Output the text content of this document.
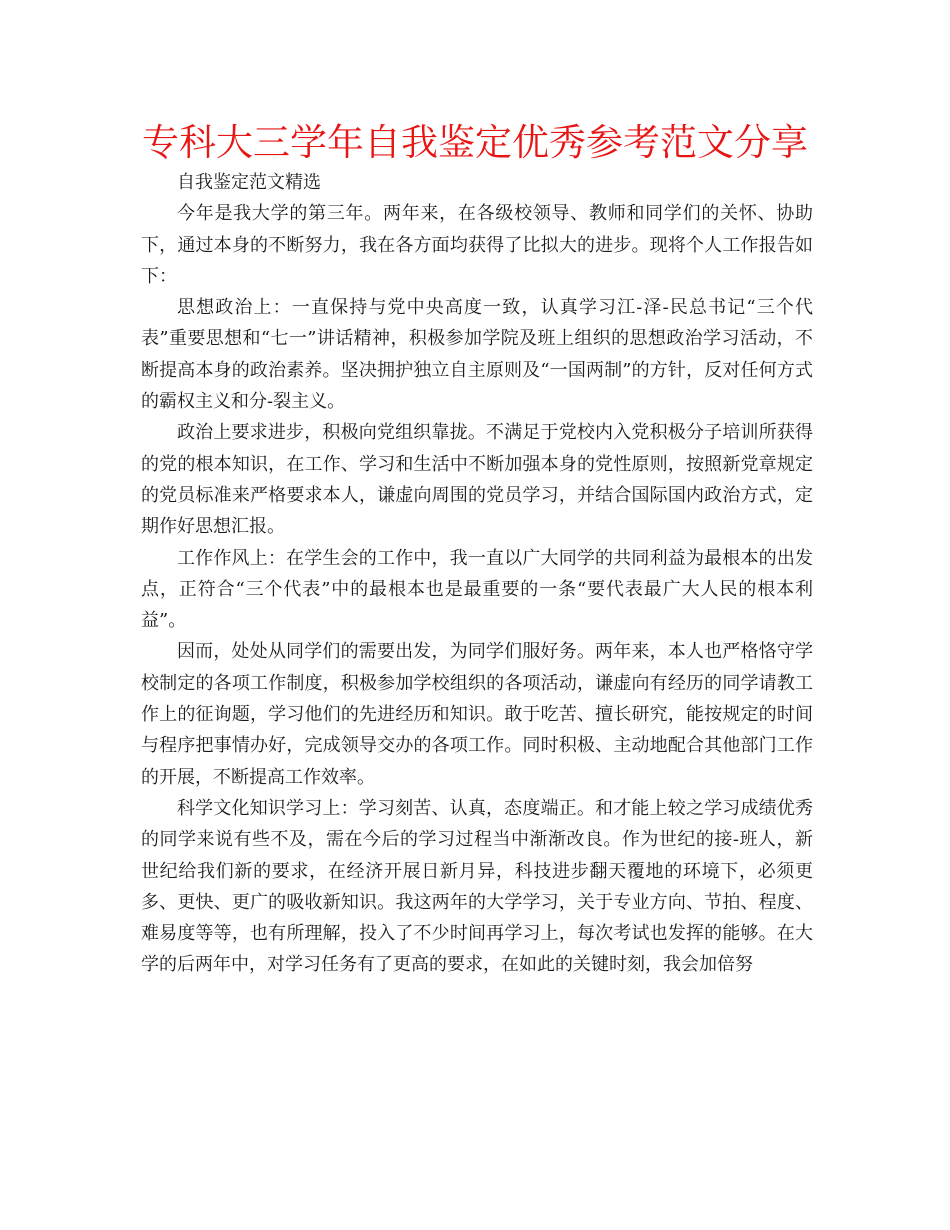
专科大三学年自我鉴定优秀参考范文分享

自我鉴定范文精选

今年是我大学的第三年。两年来，在各级校领导、教师和同学们的关怀、协助下，通过本身的不断努力，我在各方面均获得了比拟大的进步。现将个人工作报告如下：

思想政治上：一直保持与党中央高度一致，认真学习江-泽-民总书记“三个代表”重要思想和“七一”讲话精神，积极参加学院及班上组织的思想政治学习活动，不断提高本身的政治素养。坚决拥护独立自主原则及“一国两制”的方针，反对任何方式的霸权主义和分-裂主义。

政治上要求进步，积极向党组织靠拢。不满足于党校内入党积极分子培训所获得的党的根本知识，在工作、学习和生活中不断加强本身的党性原则，按照新党章规定的党员标准来严格要求本人，谦虚向周围的党员学习，并结合国际国内政治方式，定期作好思想汇报。

工作作风上：在学生会的工作中，我一直以广大同学的共同利益为最根本的出发点，正符合“三个代表”中的最根本也是最重要的一条“要代表最广大人民的根本利益”。

因而，处处从同学们的需要出发，为同学们服好务。两年来，本人也严格恪守学校制定的各项工作制度，积极参加学校组织的各项活动，谦虚向有经历的同学请教工作上的征询题，学习他们的先进经历和知识。敢于吃苦、擅长研究，能按规定的时间与程序把事情办好，完成领导交办的各项工作。同时积极、主动地配合其他部门工作的开展，不断提高工作效率。

科学文化知识学习上：学习刻苦、认真，态度端正。和才能上较之学习成绩优秀的同学来说有些不及，需在今后的学习过程当中渐渐改良。作为世纪的接-班人，新世纪给我们新的要求，在经济开展日新月异，科技进步翻天覆地的环境下，必须更多、更快、更广的吸收新知识。我这两年的大学学习，关于专业方向、节拍、程度、难易度等等，也有所理解，投入了不少时间再学习上，每次考试也发挥的能够。在大学的后两年中，对学习任务有了更高的要求，在如此的关键时刻，我会加倍努
